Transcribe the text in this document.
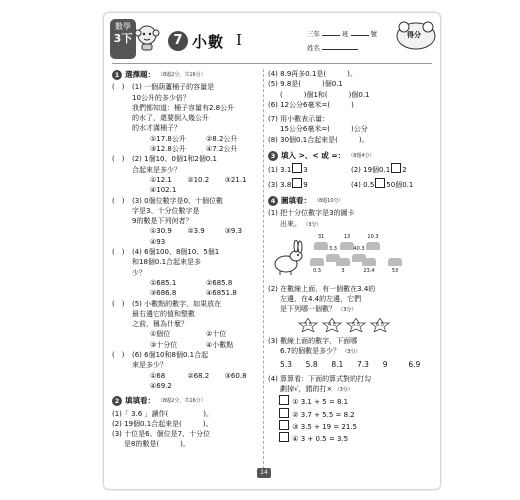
數學
3下	7 小數 I	三年	班	號
姓名
得分
1 選擇題： （8題2分，共16分）
(　)	(1) 一個葫蘆桶子的容量是
10公升的多少倍？
我們都知道：桶子容量有2.8公升
的水了，還要倒入幾公升
的水才滿桶子？
①17.8公升	②8.2公升
③12.8公升	④7.2公升
(　)	(2) 1個10、0個1和2個0.1
合起來是多少？
①12.1	②10.2	③21.1
④102.1
(　)	(3) 0個位數字是0、十個位數
字是3、十分位數字是
9的數是下列何者？
①30.9	②3.9	③9.3
④93
(　)	(4) 6個100、8個10、5個1
和18個0.1合起來是多
少？
①685.1	②685.8
③686.8	④6851.8
(　)	(5) 小數點的數字，如果放在
最右邊它的值和整數
之前，稱為什麼？
①個位	②十位
③十分位	④小數點
(　)	(6) 6個10和8個0.1合起
來是多少？
①68	②68.2	③60.8
④69.2
2 填填看： （8題2分，共16分）
(1)「 3.6 」讀作(　　　　　)。
(2) 19個0.1合起來是(　　　)。
(3) 十位是6、個位是7、十分位
是8的數是(　　　)。
(4) 8.9再多0.1是(　　　)。
(5) 9.8是(　　　)個0.1
(　　　)個1和(　　　)個0.1
(6) 12公分6毫米=(　　　)
(7) 用小數表示量：
15公分6毫米=(　　　)公分
(8) 30個0.1合起來是(　　　)。
3 填入 >、< 或 =： （8題4分）
(1) 3.1 3	(2) 19個0.1 2
(3) 3.8 9	(4) 0.5 50個0.1
4 圖填看： （8題10分）
(1) 把十分位數字是3的圖卡
出來。 （3分）
31	13	10.3
3.3	40.3
0.3	3	23.4	53
(2) 在數線上面，有一個數在3.4的
左邊，在4.4的左邊，它們
是下列哪一個數？ （3分）
3.5	4.5	5.5	6.5
(3) 數線上面的數字，下面哪
6.7的個數是多少？ （3分）
5.3	5.8	8.1	7.3	9	6.9
(4) 算算看：下面的算式對的打勾
劃掉√，錯的打× （3分）
① 3.1 + 5 = 8.1
② 3.7 + 5.5 = 8.2
③ 3.5 + 19 = 21.5
④ 3 + 0.5 = 3.5
14
